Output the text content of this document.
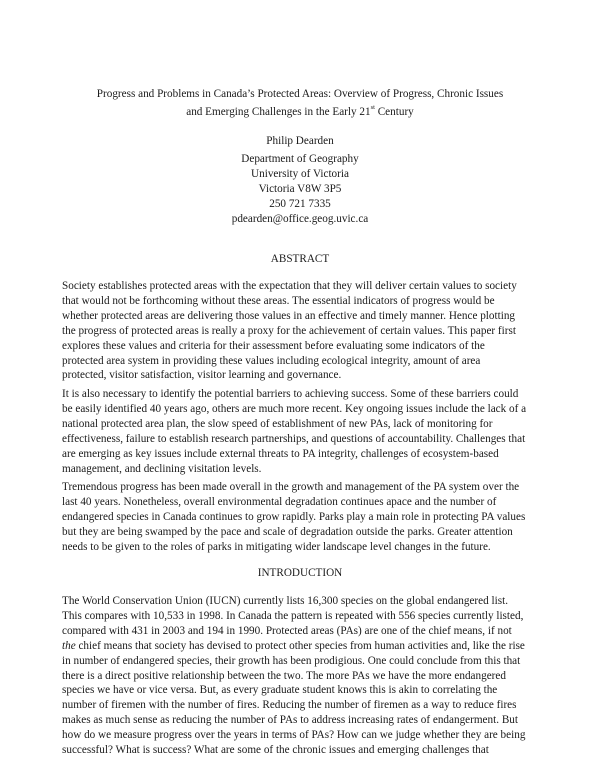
Progress and Problems in Canada’s Protected Areas: Overview of Progress, Chronic Issues
and Emerging Challenges in the Early 21st Century
Philip Dearden
Department of Geography
University of Victoria
Victoria V8W 3P5
250 721 7335
pdearden@office.geog.uvic.ca
ABSTRACT
Society establishes protected areas with the expectation that they will deliver certain values to society
that would not be forthcoming without these areas. The essential indicators of progress would be
whether protected areas are delivering those values in an effective and timely manner. Hence plotting
the progress of protected areas is really a proxy for the achievement of certain values. This paper first
explores these values and criteria for their assessment before evaluating some indicators of the
protected area system in providing these values including ecological integrity, amount of area
protected, visitor satisfaction, visitor learning and governance.
It is also necessary to identify the potential barriers to achieving success. Some of these barriers could
be easily identified 40 years ago, others are much more recent. Key ongoing issues include the lack of a
national protected area plan, the slow speed of establishment of new PAs, lack of monitoring for
effectiveness, failure to establish research partnerships, and questions of accountability. Challenges that
are emerging as key issues include external threats to PA integrity, challenges of ecosystem-based
management, and declining visitation levels.
Tremendous progress has been made overall in the growth and management of the PA system over the
last 40 years. Nonetheless, overall environmental degradation continues apace and the number of
endangered species in Canada continues to grow rapidly. Parks play a main role in protecting PA values
but they are being swamped by the pace and scale of degradation outside the parks. Greater attention
needs to be given to the roles of parks in mitigating wider landscape level changes in the future.
INTRODUCTION
The World Conservation Union (IUCN) currently lists 16,300 species on the global endangered list.
This compares with 10,533 in 1998. In Canada the pattern is repeated with 556 species currently listed,
compared with 431 in 2003 and 194 in 1990. Protected areas (PAs) are one of the chief means, if not
the chief means that society has devised to protect other species from human activities and, like the rise
in number of endangered species, their growth has been prodigious. One could conclude from this that
there is a direct positive relationship between the two. The more PAs we have the more endangered
species we have or vice versa. But, as every graduate student knows this is akin to correlating the
number of firemen with the number of fires. Reducing the number of firemen as a way to reduce fires
makes as much sense as reducing the number of PAs to address increasing rates of endangerment. But
how do we measure progress over the years in terms of PAs? How can we judge whether they are being
successful? What is success? What are some of the chronic issues and emerging challenges that
